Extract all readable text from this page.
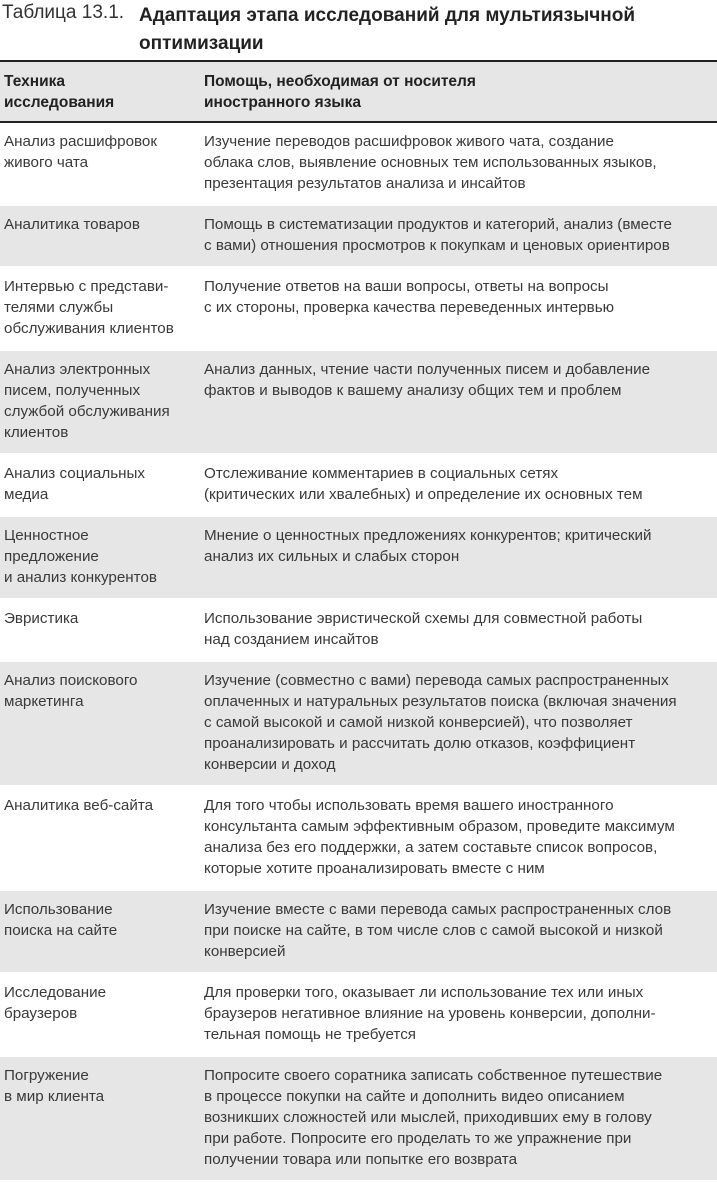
Таблица 13.1. Адаптация этапа исследований для мультиязычной
оптимизации
Техника
исследования	Помощь, необходимая от носителя
иностранного языка

Анализ расшифровок
живого чата	Изучение переводов расшифровок живого чата, создание
облака слов, выявление основных тем использованных языков,
презентация результатов анализа и инсайтов

Аналитика товаров	Помощь в систематизации продуктов и категорий, анализ (вместе
с вами) отношения просмотров к покупкам и ценовых ориентиров

Интервью с представи-
телями службы
обслуживания клиентов	Получение ответов на ваши вопросы, ответы на вопросы
с их стороны, проверка качества переведенных интервью

Анализ электронных
писем, полученных
службой обслуживания
клиентов	Анализ данных, чтение части полученных писем и добавление
фактов и выводов к вашему анализу общих тем и проблем

Анализ социальных
медиа	Отслеживание комментариев в социальных сетях
(критических или хвалебных) и определение их основных тем

Ценностное
предложение
и анализ конкурентов	Мнение о ценностных предложениях конкурентов; критический
анализ их сильных и слабых сторон

Эвристика	Использование эвристической схемы для совместной работы
над созданием инсайтов

Анализ поискового
маркетинга	Изучение (совместно с вами) перевода самых распространенных
оплаченных и натуральных результатов поиска (включая значения
с самой высокой и самой низкой конверсией), что позволяет
проанализировать и рассчитать долю отказов, коэффициент
конверсии и доход

Аналитика веб-сайта	Для того чтобы использовать время вашего иностранного
консультанта самым эффективным образом, проведите максимум
анализа без его поддержки, а затем составьте список вопросов,
которые хотите проанализировать вместе с ним

Использование
поиска на сайте	Изучение вместе с вами перевода самых распространенных слов
при поиске на сайте, в том числе слов с самой высокой и низкой
конверсией

Исследование
браузеров	Для проверки того, оказывает ли использование тех или иных
браузеров негативное влияние на уровень конверсии, дополни-
тельная помощь не требуется

Погружение
в мир клиента	Попросите своего соратника записать собственное путешествие
в процессе покупки на сайте и дополнить видео описанием
возникших сложностей или мыслей, приходивших ему в голову
при работе. Попросите его проделать то же упражнение при
получении товара или попытке его возврата
